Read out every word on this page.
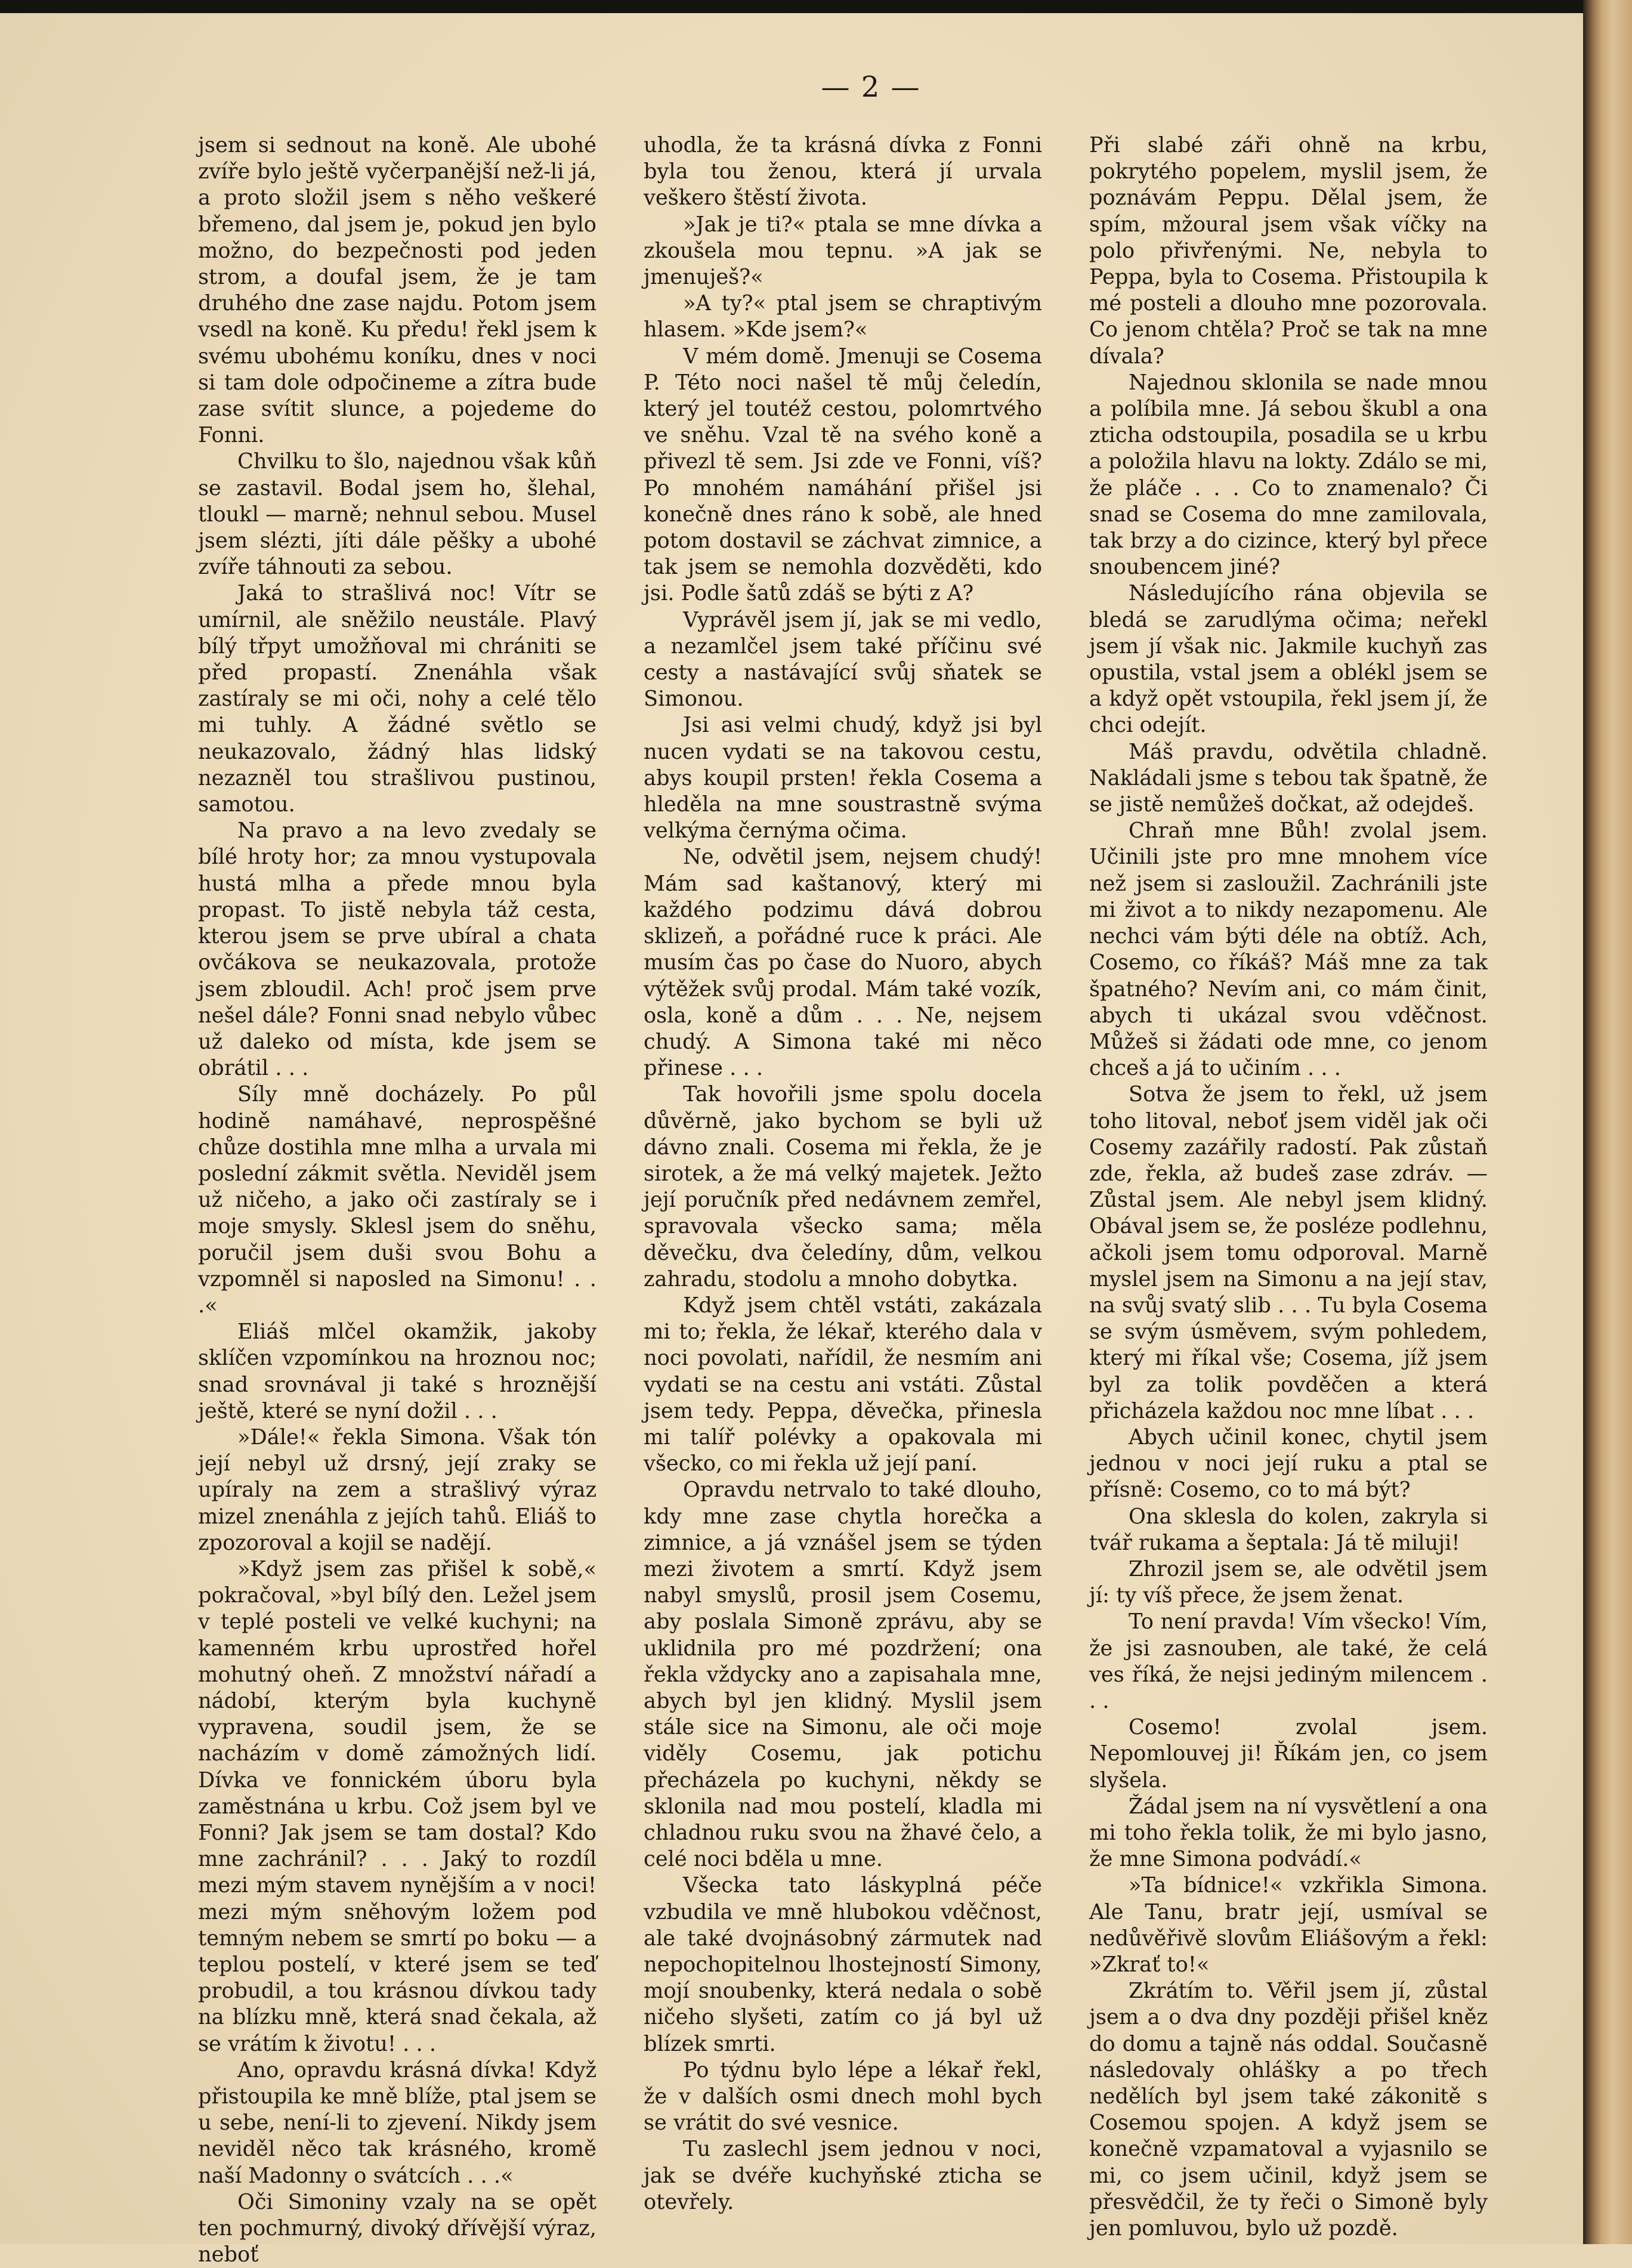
— 2 —

jsem si sednout na koně. Ale ubohé zvíře bylo ještě vyčerpanější než-li já, a proto složil jsem s něho veškeré břemeno, dal jsem je, pokud jen bylo možno, do bezpečnosti pod jeden strom, a doufal jsem, že je tam druhého dne zase najdu. Potom jsem vsedl na koně. Ku předu! řekl jsem k svému ubohému koníku, dnes v noci si tam dole odpočineme a zítra bude zase svítit slunce, a pojedeme do Fonni.

Chvilku to šlo, najednou však kůň se zastavil. Bodal jsem ho, šlehal, tloukl — marně; nehnul sebou. Musel jsem slézti, jíti dále pěšky a ubohé zvíře táhnouti za sebou.

Jaká to strašlivá noc! Vítr se umírnil, ale sněžilo neustále. Plavý bílý třpyt umožňoval mi chrániti se před propastí. Znenáhla však zastíraly se mi oči, nohy a celé tělo mi tuhly. A žádné světlo se neukazovalo, žádný hlas lidský nezazněl tou strašlivou pustinou, samotou.

Na pravo a na levo zvedaly se bílé hroty hor; za mnou vystupovala hustá mlha a přede mnou byla propast. To jistě nebyla táž cesta, kterou jsem se prve ubíral a chata ovčákova se neukazovala, protože jsem zbloudil. Ach! proč jsem prve nešel dále? Fonni snad nebylo vůbec už daleko od místa, kde jsem se obrátil . . .

Síly mně docházely. Po půl hodině namáhavé, neprospěšné chůze dostihla mne mlha a urvala mi poslední zákmit světla. Neviděl jsem už ničeho, a jako oči zastíraly se i moje smysly. Sklesl jsem do sněhu, poručil jsem duši svou Bohu a vzpomněl si naposled na Simonu! . . .«

Eliáš mlčel okamžik, jakoby sklíčen vzpomínkou na hroznou noc; snad srovnával ji také s hroznější ještě, které se nyní dožil . . .

»Dále!« řekla Simona. Však tón její nebyl už drsný, její zraky se upíraly na zem a strašlivý výraz mizel znenáhla z jejích tahů. Eliáš to zpozoroval a kojil se nadějí.

»Když jsem zas přišel k sobě,« pokračoval, »byl bílý den. Ležel jsem v teplé posteli ve velké kuchyni; na kamenném krbu uprostřed hořel mohutný oheň. Z množství nářadí a nádobí, kterým byla kuchyně vypravena, soudil jsem, že se nacházím v domě zámožných lidí. Dívka ve fonnickém úboru byla zaměstnána u krbu. Což jsem byl ve Fonni? Jak jsem se tam dostal? Kdo mne zachránil? . . . Jaký to rozdíl mezi mým stavem nynějším a v noci! mezi mým sněhovým ložem pod temným nebem se smrtí po boku — a teplou postelí, v které jsem se teď probudil, a tou krásnou dívkou tady na blízku mně, která snad čekala, až se vrátím k životu! . . .

Ano, opravdu krásná dívka! Když přistoupila ke mně blíže, ptal jsem se u sebe, není-li to zjevení. Nikdy jsem neviděl něco tak krásného, kromě naší Madonny o svátcích . . .«

Oči Simoniny vzaly na se opět ten pochmurný, divoký dřívější výraz, neboť

uhodla, že ta krásná dívka z Fonni byla tou ženou, která jí urvala veškero štěstí života.

»Jak je ti?« ptala se mne dívka a zkoušela mou tepnu. »A jak se jmenuješ?«

»A ty?« ptal jsem se chraptivým hlasem. »Kde jsem?«

V mém domě. Jmenuji se Cosema P. Této noci našel tě můj čeledín, který jel toutéž cestou, polomrtvého ve sněhu. Vzal tě na svého koně a přivezl tě sem. Jsi zde ve Fonni, víš? Po mnohém namáhání přišel jsi konečně dnes ráno k sobě, ale hned potom dostavil se záchvat zimnice, a tak jsem se nemohla dozvěděti, kdo jsi. Podle šatů zdáš se býti z A?

Vyprávěl jsem jí, jak se mi vedlo, a nezamlčel jsem také příčinu své cesty a nastávající svůj sňatek se Simonou.

Jsi asi velmi chudý, když jsi byl nucen vydati se na takovou cestu, abys koupil prsten! řekla Cosema a hleděla na mne soustrastně svýma velkýma černýma očima.

Ne, odvětil jsem, nejsem chudý! Mám sad kaštanový, který mi každého podzimu dává dobrou sklizeň, a pořádné ruce k práci. Ale musím čas po čase do Nuoro, abych výtěžek svůj prodal. Mám také vozík, osla, koně a dům . . . Ne, nejsem chudý. A Simona také mi něco přinese . . .

Tak hovořili jsme spolu docela důvěrně, jako bychom se byli už dávno znali. Cosema mi řekla, že je sirotek, a že má velký majetek. Ježto její poručník před nedávnem zemřel, spravovala všecko sama; měla děvečku, dva čeledíny, dům, velkou zahradu, stodolu a mnoho dobytka.

Když jsem chtěl vstáti, zakázala mi to; řekla, že lékař, kterého dala v noci povolati, nařídil, že nesmím ani vydati se na cestu ani vstáti. Zůstal jsem tedy. Peppa, děvečka, přinesla mi talíř polévky a opakovala mi všecko, co mi řekla už její paní.

Opravdu netrvalo to také dlouho, kdy mne zase chytla horečka a zimnice, a já vznášel jsem se týden mezi životem a smrtí. Když jsem nabyl smyslů, prosil jsem Cosemu, aby poslala Simoně zprávu, aby se uklidnila pro mé pozdržení; ona řekla vždycky ano a zapisahala mne, abych byl jen klidný. Myslil jsem stále sice na Simonu, ale oči moje viděly Cosemu, jak potichu přecházela po kuchyni, někdy se sklonila nad mou postelí, kladla mi chladnou ruku svou na žhavé čelo, a celé noci bděla u mne.

Všecka tato láskyplná péče vzbudila ve mně hlubokou vděčnost, ale také dvojnásobný zármutek nad nepochopitelnou lhostejností Simony, mojí snoubenky, která nedala o sobě ničeho slyšeti, zatím co já byl už blízek smrti.

Po týdnu bylo lépe a lékař řekl, že v dalších osmi dnech mohl bych se vrátit do své vesnice.

Tu zaslechl jsem jednou v noci, jak se dvéře kuchyňské zticha se otevřely.

Při slabé záři ohně na krbu, pokrytého popelem, myslil jsem, že poznávám Peppu. Dělal jsem, že spím, mžoural jsem však víčky na polo přivřenými. Ne, nebyla to Peppa, byla to Cosema. Přistoupila k mé posteli a dlouho mne pozorovala. Co jenom chtěla? Proč se tak na mne dívala?

Najednou sklonila se nade mnou a políbila mne. Já sebou škubl a ona zticha odstoupila, posadila se u krbu a položila hlavu na lokty. Zdálo se mi, že pláče . . . Co to znamenalo? Či snad se Cosema do mne zamilovala, tak brzy a do cizince, který byl přece snoubencem jiné?

Následujícího rána objevila se bledá se zarudlýma očima; neřekl jsem jí však nic. Jakmile kuchyň zas opustila, vstal jsem a oblékl jsem se a když opět vstoupila, řekl jsem jí, že chci odejít.

Máš pravdu, odvětila chladně. Nakládali jsme s tebou tak špatně, že se jistě nemůžeš dočkat, až odejdeš.

Chraň mne Bůh! zvolal jsem. Učinili jste pro mne mnohem více než jsem si zasloužil. Zachránili jste mi život a to nikdy nezapomenu. Ale nechci vám býti déle na obtíž. Ach, Cosemo, co říkáš? Máš mne za tak špatného? Nevím ani, co mám činit, abych ti ukázal svou vděčnost. Můžeš si žádati ode mne, co jenom chceš a já to učiním . . .

Sotva že jsem to řekl, už jsem toho litoval, neboť jsem viděl jak oči Cosemy zazářily radostí. Pak zůstaň zde, řekla, až budeš zase zdráv. — Zůstal jsem. Ale nebyl jsem klidný. Obával jsem se, že posléze podlehnu, ačkoli jsem tomu odporoval. Marně myslel jsem na Simonu a na její stav, na svůj svatý slib . . . Tu byla Cosema se svým úsměvem, svým pohledem, který mi říkal vše; Cosema, jíž jsem byl za tolik povděčen a která přicházela každou noc mne líbat . . .

Abych učinil konec, chytil jsem jednou v noci její ruku a ptal se přísně: Cosemo, co to má být?

Ona sklesla do kolen, zakryla si tvář rukama a šeptala: Já tě miluji!

Zhrozil jsem se, ale odvětil jsem jí: ty víš přece, že jsem ženat.

To není pravda! Vím všecko! Vím, že jsi zasnouben, ale také, že celá ves říká, že nejsi jediným milencem . . .

Cosemo! zvolal jsem. Nepomlouvej ji! Říkám jen, co jsem slyšela.

Žádal jsem na ní vysvětlení a ona mi toho řekla tolik, že mi bylo jasno, že mne Simona podvádí.«

»Ta bídnice!« vzkřikla Simona. Ale Tanu, bratr její, usmíval se nedůvěřivě slovům Eliášovým a řekl: »Zkrať to!«

Zkrátím to. Věřil jsem jí, zůstal jsem a o dva dny později přišel kněz do domu a tajně nás oddal. Současně následovaly ohlášky a po třech nedělích byl jsem také zákonitě s Cosemou spojen. A když jsem se konečně vzpamatoval a vyjasnilo se mi, co jsem učinil, když jsem se přesvědčil, že ty řeči o Simoně byly jen pomluvou, bylo už pozdě.
